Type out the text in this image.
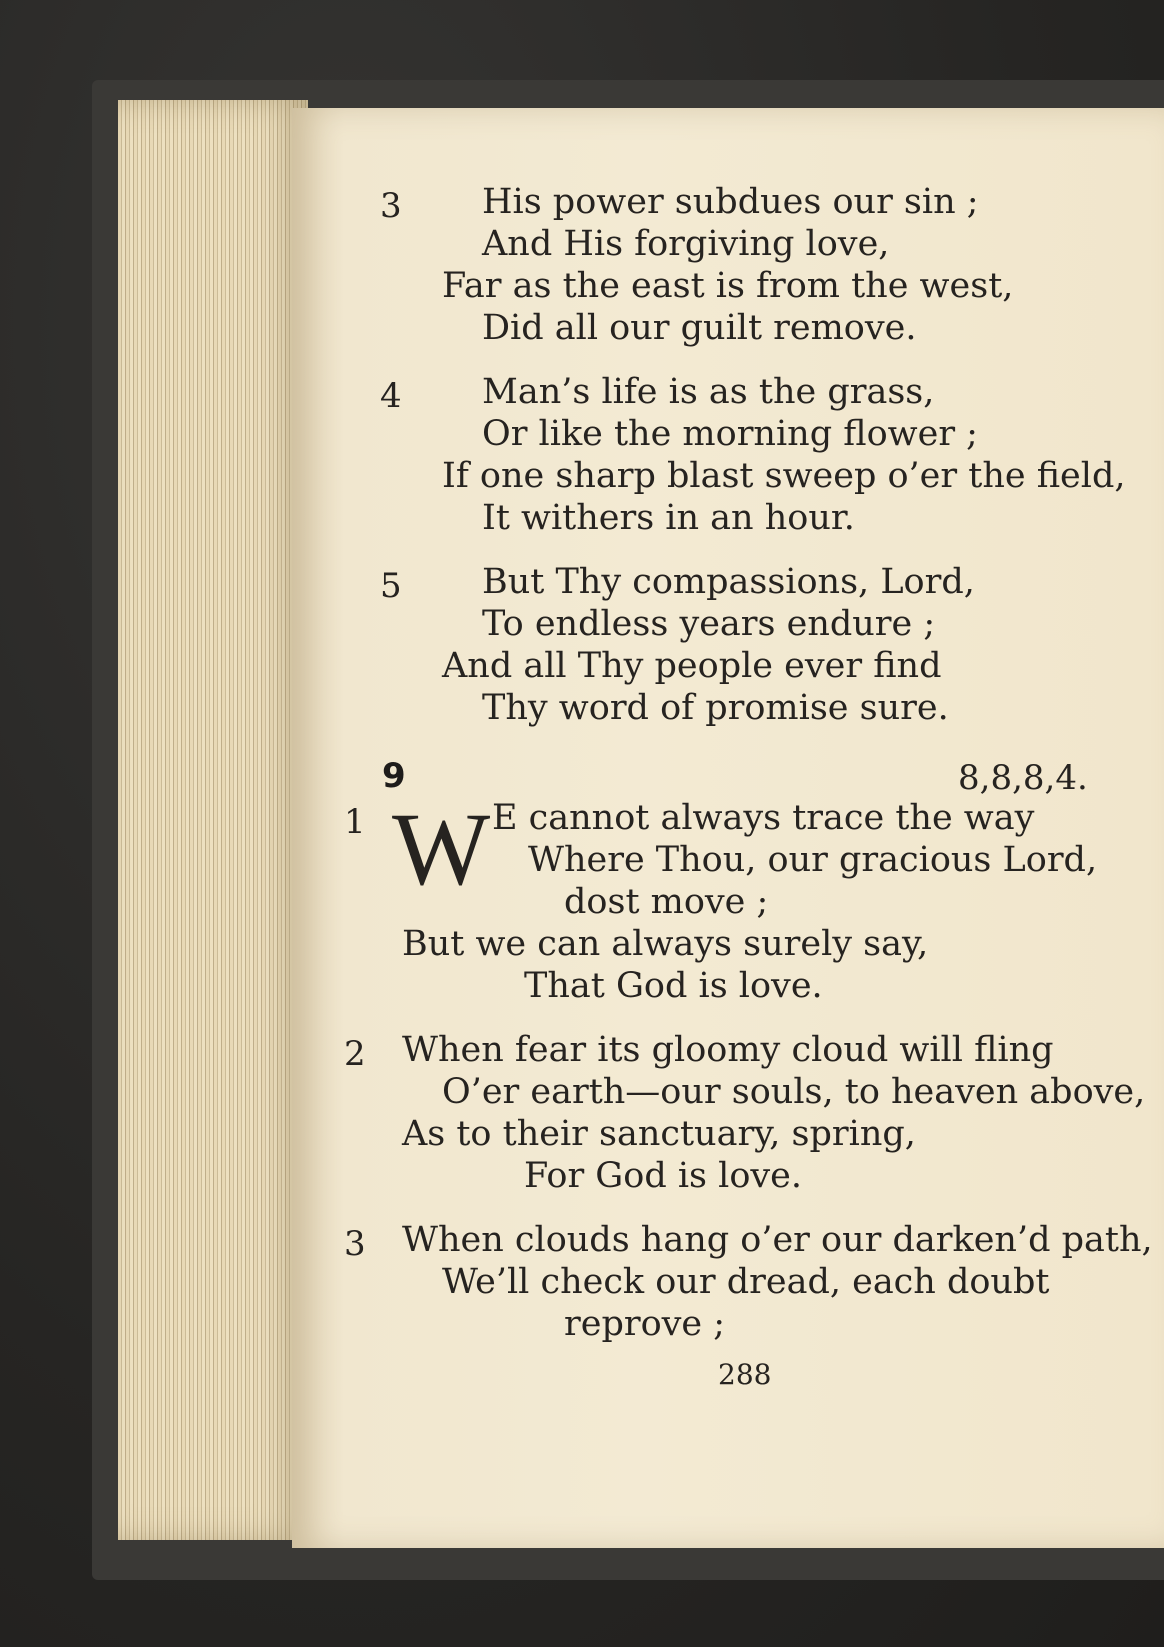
3 His power subdues our sin ;
And His forgiving love,
Far as the east is from the west,
Did all our guilt remove.
4 Man’s life is as the grass,
Or like the morning flower ;
If one sharp blast sweep o’er the field,
It withers in an hour.
5 But Thy compassions, Lord,
To endless years endure ;
And all Thy people ever find
Thy word of promise sure.
9	8,8,8,4.
1 W E cannot always trace the way
Where Thou, our gracious Lord,
dost move ;
But we can always surely say,
That God is love.
2 When fear its gloomy cloud will fling
O’er earth—our souls, to heaven above,
As to their sanctuary, spring,
For God is love.
3 When clouds hang o’er our darken’d path,
We’ll check our dread, each doubt
reprove ;
288
